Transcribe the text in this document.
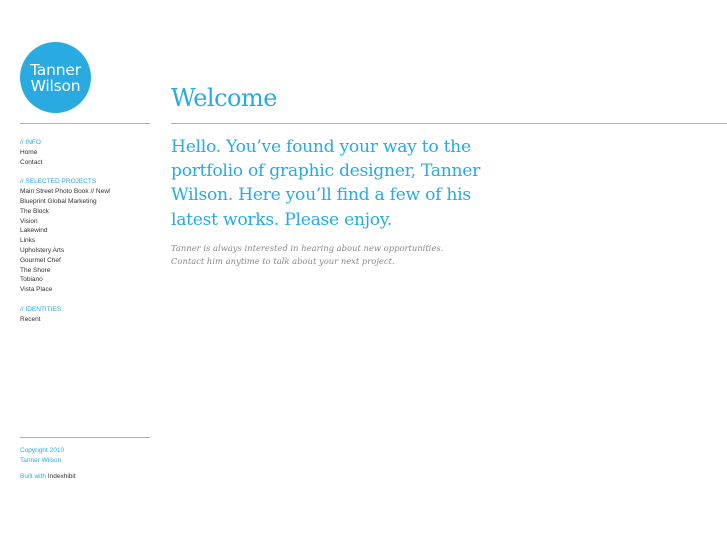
Tanner
Wilson
// INFO
Home
Contact
// SELECTED PROJECTS
Main Street Photo Book // New!
Blueprint Global Marketing
The Block
Vision
Lakewind
Links
Upholstery Arts
Gourmet Chef
The Shore
Tobiano
Vista Place
// IDENTITIES
Recent
Copyright 2010
Tanner Wilson
Built with Indexhibit
Welcome

Hello. You’ve found your way to the portfolio of graphic designer, Tanner Wilson. Here you’ll find a few of his latest works. Please enjoy.

Tanner is always interested in hearing about new opportunities. Contact him anytime to talk about your next project.
